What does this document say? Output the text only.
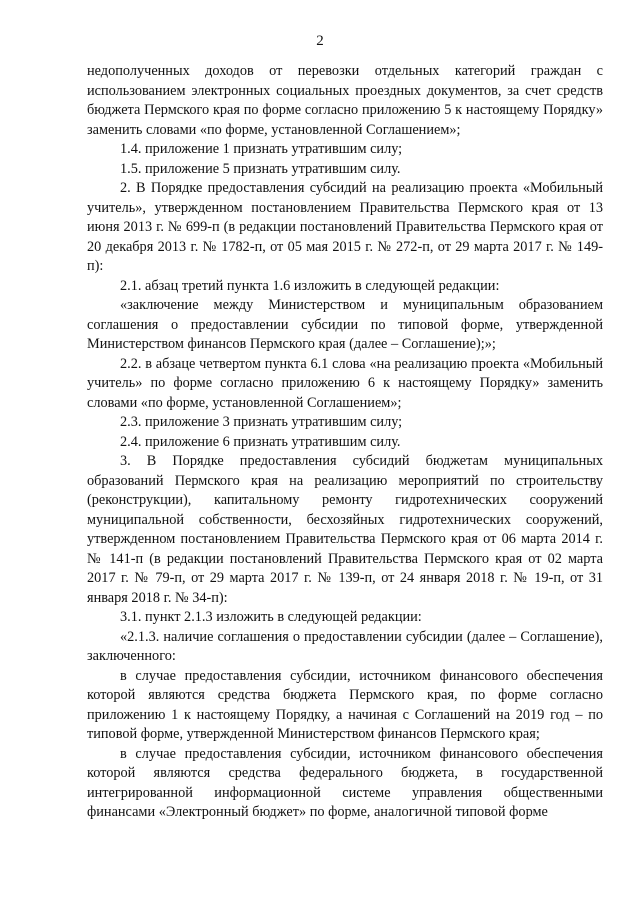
2

недополученных доходов от перевозки отдельных категорий граждан с использованием электронных социальных проездных документов, за счет средств бюджета Пермского края по форме согласно приложению 5 к настоящему Порядку» заменить словами «по форме, установленной Соглашением»;

1.4. приложение 1 признать утратившим силу;

1.5. приложение 5 признать утратившим силу.

2. В Порядке предоставления субсидий на реализацию проекта «Мобильный учитель», утвержденном постановлением Правительства Пермского края от 13 июня 2013 г. № 699-п (в редакции постановлений Правительства Пермского края от 20 декабря 2013 г. № 1782-п, от 05 мая 2015 г. № 272-п, от 29 марта 2017 г. № 149-п):

2.1. абзац третий пункта 1.6 изложить в следующей редакции:

«заключение между Министерством и муниципальным образованием соглашения о предоставлении субсидии по типовой форме, утвержденной Министерством финансов Пермского края (далее – Соглашение);»;

2.2. в абзаце четвертом пункта 6.1 слова «на реализацию проекта «Мобильный учитель» по форме согласно приложению 6 к настоящему Порядку» заменить словами «по форме, установленной Соглашением»;

2.3. приложение 3 признать утратившим силу;

2.4. приложение 6 признать утратившим силу.

3. В Порядке предоставления субсидий бюджетам муниципальных образований Пермского края на реализацию мероприятий по строительству (реконструкции), капитальному ремонту гидротехнических сооружений муниципальной собственности, бесхозяйных гидротехнических сооружений, утвержденном постановлением Правительства Пермского края от 06 марта 2014 г. № 141-п (в редакции постановлений Правительства Пермского края от 02 марта 2017 г. № 79-п, от 29 марта 2017 г. № 139-п, от 24 января 2018 г. № 19-п, от 31 января 2018 г. № 34-п):

3.1. пункт 2.1.3 изложить в следующей редакции:

«2.1.3. наличие соглашения о предоставлении субсидии (далее – Соглашение), заключенного:

в случае предоставления субсидии, источником финансового обеспечения которой являются средства бюджета Пермского края, по форме согласно приложению 1 к настоящему Порядку, а начиная с Соглашений на 2019 год – по типовой форме, утвержденной Министерством финансов Пермского края;

в случае предоставления субсидии, источником финансового обеспечения которой являются средства федерального бюджета, в государственной интегрированной информационной системе управления общественными финансами «Электронный бюджет» по форме, аналогичной типовой форме
